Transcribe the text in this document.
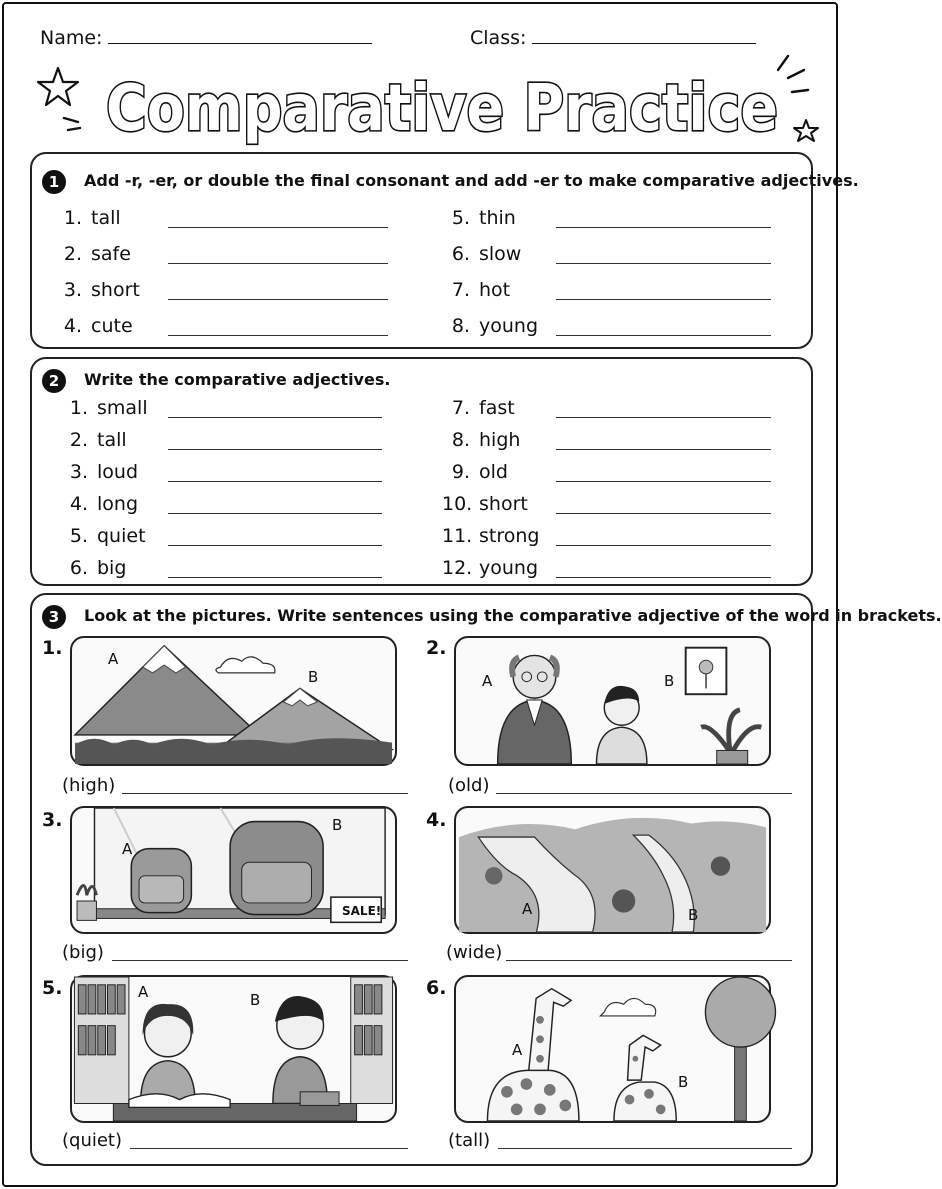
Name:	Class:
Comparative Practice
1	Add -r, -er, or double the final consonant and add -er to make comparative adjectives.
1. tall
2. safe
3. short
4. cute
5. thin
6. slow
7. hot
8. young
2	Write the comparative adjectives.
1. small
2. tall
3. loud
4. long
5. quiet
6. big
7. fast
8. high
9. old
10. short
11. strong
12. young
3	Look at the pictures. Write sentences using the comparative adjective of the word in brackets.
1.	A
B
(high)
2.
A	B
(old)
3.
A
B
SALE!
(big)
4.
A	B
(wide)
5.	A	B
(quiet)
6.
A
B
(tall)
